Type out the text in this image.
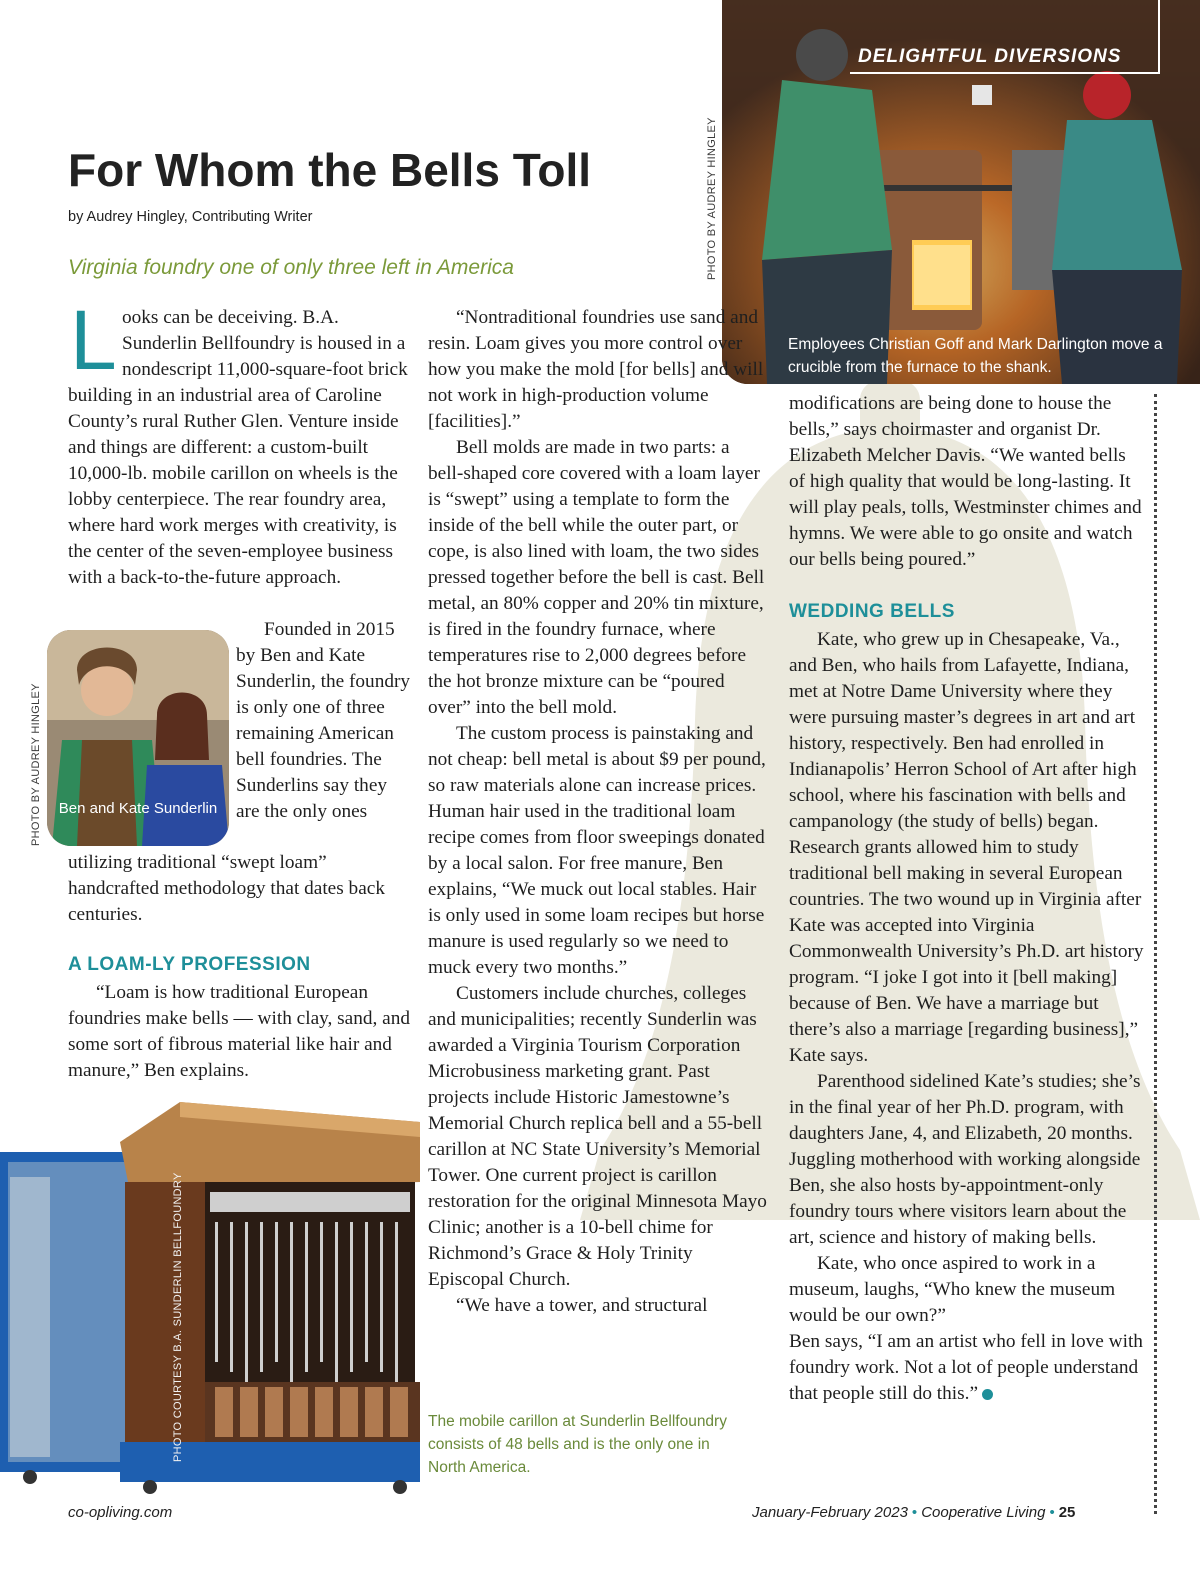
DELIGHTFUL DIVERSIONS
Employees Christian Goff and Mark Darlington move a crucible from the furnace to the shank.
PHOTO BY AUDREY HINGLEY
For Whom the Bells Toll
by Audrey Hingley, Contributing Writer
Virginia foundry one of only three left in America
L ooks can be deceiving. B.A. Sunderlin Bellfoundry is housed in a nondescript 11,000-square-foot brick

building in an industrial area of Caroline County’s rural Ruther Glen. Venture inside and things are different: a custom-built 10,000-lb. mobile carillon on wheels is the lobby centerpiece. The rear foundry area, where hard work merges with creativity, is the center of the seven-employee business with a back-to-the-future approach.

Ben and Kate Sunderlin
PHOTO BY AUDREY HINGLEY

Founded in 2015 by Ben and Kate Sunderlin, the foundry is only one of three remaining American bell foundries. The Sunderlins say they are the only ones

utilizing traditional “swept loam” handcrafted methodology that dates back centuries.

A LOAM-LY PROFESSION

“Loam is how traditional European foundries make bells — with clay, sand, and some sort of fibrous material like hair and manure,” Ben explains.

PHOTO COURTESY B.A. SUNDERLIN BELLFOUNDRY	The mobile carillon at Sunderlin Bellfoundry consists of 48 bells and is the only one in North America.

“Nontraditional foundries use sand and resin. Loam gives you more control over how you make the mold [for bells] and will not work in high-production volume [facilities].”

Bell molds are made in two parts: a bell-shaped core covered with a loam layer is “swept” using a template to form the inside of the bell while the outer part, or cope, is also lined with loam, the two sides pressed together before the bell is cast. Bell metal, an 80% copper and 20% tin mixture, is fired in the foundry furnace, where temperatures rise to 2,000 degrees before the hot bronze mixture can be “poured over” into the bell mold.

The custom process is painstaking and not cheap: bell metal is about $9 per pound, so raw materials alone can increase prices. Human hair used in the traditional loam recipe comes from floor sweepings donated by a local salon. For free manure, Ben explains, “We muck out local stables. Hair is only used in some loam recipes but horse manure is used regularly so we need to muck every two months.”

Customers include churches, colleges and municipalities; recently Sunderlin was awarded a Virginia Tourism Corporation Microbusiness marketing grant. Past projects include Historic Jamestowne’s Memorial Church replica bell and a 55-bell carillon at NC State University’s Memorial Tower. One current project is carillon restoration for the original Minnesota Mayo Clinic; another is a 10-bell chime for Richmond’s Grace & Holy Trinity Episcopal Church.

“We have a tower, and structural

modifications are being done to house the bells,” says choirmaster and organist Dr. Elizabeth Melcher Davis. “We wanted bells of high quality that would be long-lasting. It will play peals, tolls, Westminster chimes and hymns. We were able to go onsite and watch our bells being poured.”

WEDDING BELLS

Kate, who grew up in Chesapeake, Va., and Ben, who hails from Lafayette, Indiana, met at Notre Dame University where they were pursuing master’s degrees in art and art history, respectively. Ben had enrolled in Indianapolis’ Herron School of Art after high school, where his fascination with bells and campanology (the study of bells) began. Research grants allowed him to study traditional bell making in several European countries. The two wound up in Virginia after Kate was accepted into Virginia Commonwealth University’s Ph.D. art history program. “I joke I got into it [bell making] because of Ben. We have a marriage but there’s also a marriage [regarding business],” Kate says.

Parenthood sidelined Kate’s studies; she’s in the final year of her Ph.D. program, with daughters Jane, 4, and Elizabeth, 20 months. Juggling motherhood with working alongside Ben, she also hosts by-appointment-only foundry tours where visitors learn about the art, science and history of making bells.

Kate, who once aspired to work in a museum, laughs, “Who knew the museum would be our own?”

Ben says, “I am an artist who fell in love with foundry work. Not a lot of people understand that people still do this.”

co-opliving.com	January-February 2023 • Cooperative Living • 25
